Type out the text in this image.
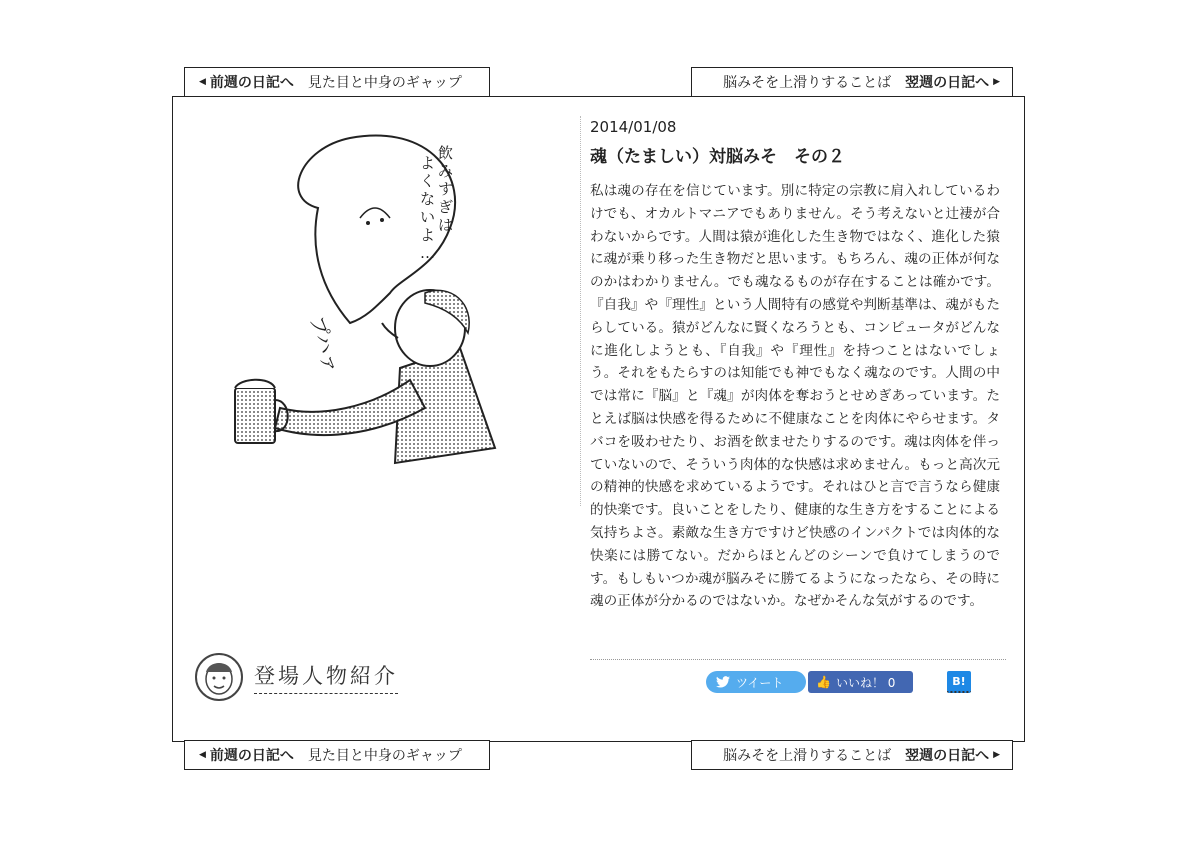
◀ 前週の日記へ 見た目と中身のギャップ	脳みそを上滑りすることば 翌週の日記へ ▶
飲みすぎは よくないよ…
プハァ
登場人物紹介
2014/01/08
魂（たましい）対脳みそ　その２
私は魂の存在を信じています。別に特定の宗教に肩入れしているわけでも、オカルトマニアでもありません。そう考えないと辻褄が合わないからです。人間は猿が進化した生き物ではなく、進化した猿に魂が乗り移った生き物だと思います。もちろん、魂の正体が何なのかはわかりません。でも魂なるものが存在することは確かです。『自我』や『理性』という人間特有の感覚や判断基準は、魂がもたらしている。猿がどんなに賢くなろうとも、コンピュータがどんなに進化しようとも、『自我』や『理性』を持つことはないでしょう。それをもたらすのは知能でも神でもなく魂なのです。人間の中では常に『脳』と『魂』が肉体を奪おうとせめぎあっています。たとえば脳は快感を得るために不健康なことを肉体にやらせます。タバコを吸わせたり、お酒を飲ませたりするのです。魂は肉体を伴っていないので、そういう肉体的な快感は求めません。もっと高次元の精神的快感を求めているようです。それはひと言で言うなら健康的快楽です。良いことをしたり、健康的な生き方をすることによる気持ちよさ。素敵な生き方ですけど快感のインパクトでは肉体的な快楽には勝てない。だからほとんどのシーンで負けてしまうのです。もしもいつか魂が脳みそに勝てるようになったなら、その時に魂の正体が分かるのではないか。なぜかそんな気がするのです。
ツイート	👍 いいね！ 0	B!
◀ 前週の日記へ 見た目と中身のギャップ	脳みそを上滑りすることば 翌週の日記へ ▶
